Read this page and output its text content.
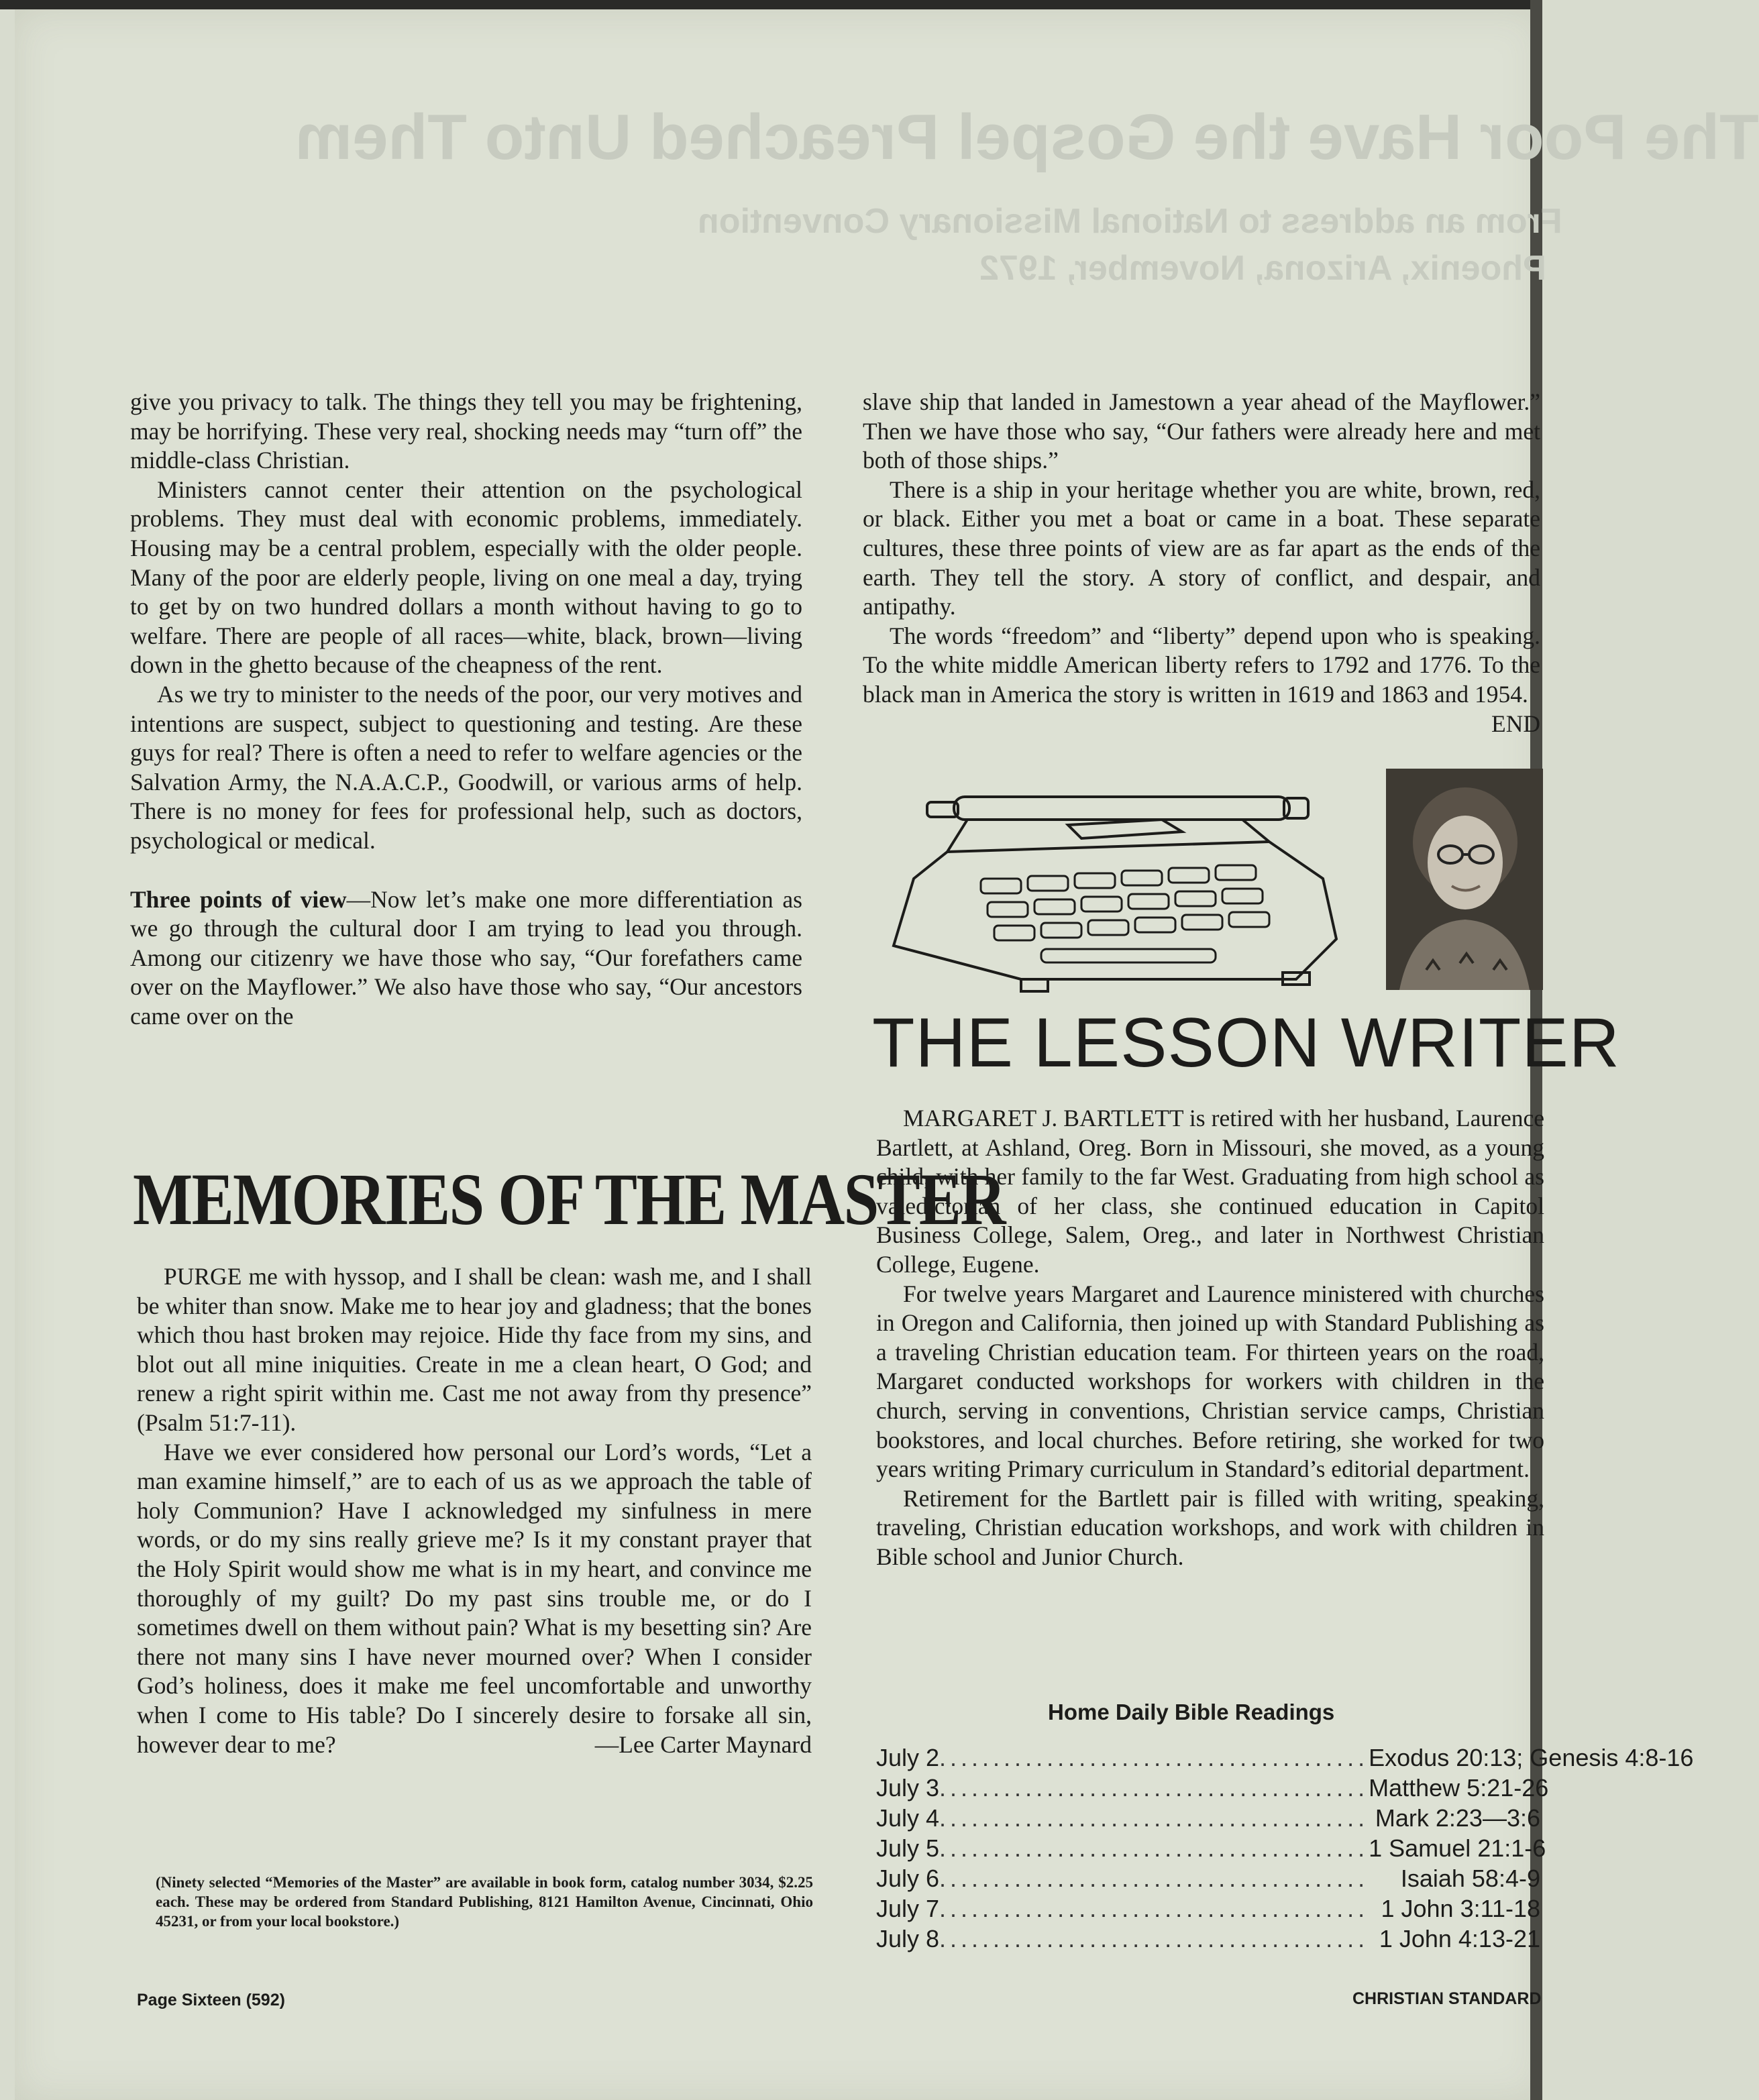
The Poor Have the Gospel Preached Unto Them
From an address to National Missionary Convention
Phoenix, Arizona, November, 1972

give you privacy to talk. The things they tell you may be frightening, may be horrifying. These very real, shocking needs may “turn off” the middle-class Christian.

Ministers cannot center their attention on the psychological problems. They must deal with economic problems, immediately. Housing may be a central problem, especially with the older people. Many of the poor are elderly people, living on one meal a day, trying to get by on two hundred dollars a month without having to go to welfare. There are people of all races—white, black, brown—living down in the ghetto because of the cheapness of the rent.

As we try to minister to the needs of the poor, our very motives and intentions are suspect, subject to questioning and testing. Are these guys for real? There is often a need to refer to welfare agencies or the Salvation Army, the N.A.A.C.P., Goodwill, or various arms of help. There is no money for fees for professional help, such as doctors, psychological or medical.

Three points of view—Now let’s make one more differentiation as we go through the cultural door I am trying to lead you through. Among our citizenry we have those who say, “Our forefathers came over on the Mayflower.” We also have those who say, “Our ancestors came over on the

MEMORIES OF THE MASTER

PURGE me with hyssop, and I shall be clean: wash me, and I shall be whiter than snow. Make me to hear joy and gladness; that the bones which thou hast broken may rejoice. Hide thy face from my sins, and blot out all mine iniquities. Create in me a clean heart, O God; and renew a right spirit within me. Cast me not away from thy presence” (Psalm 51:7-11).

Have we ever considered how personal our Lord’s words, “Let a man examine himself,” are to each of us as we approach the table of holy Communion? Have I acknowledged my sinfulness in mere words, or do my sins really grieve me? Is it my constant prayer that the Holy Spirit would show me what is in my heart, and convince me thoroughly of my guilt? Do my past sins trouble me, or do I sometimes dwell on them without pain? What is my besetting sin? Are there not many sins I have never mourned over? When I consider God’s holiness, does it make me feel uncomfortable and unworthy when I come to His table? Do I sincerely desire to forsake all sin, however dear to me?	—Lee Carter Maynard

(Ninety selected “Memories of the Master” are available in book form, catalog number 3034, $2.25 each. These may be ordered from Standard Publishing, 8121 Hamilton Avenue, Cincinnati, Ohio 45231, or from your local bookstore.)

slave ship that landed in Jamestown a year ahead of the Mayflower.” Then we have those who say, “Our fathers were already here and met both of those ships.”

There is a ship in your heritage whether you are white, brown, red, or black. Either you met a boat or came in a boat. These separate cultures, these three points of view are as far apart as the ends of the earth. They tell the story. A story of conflict, and despair, and antipathy.

The words “freedom” and “liberty” depend upon who is speaking. To the white middle American liberty refers to 1792 and 1776. To the black man in America the story is written in 1619 and 1863 and 1954.
END

THE LESSON WRITER

MARGARET J. BARTLETT is retired with her husband, Laurence Bartlett, at Ashland, Oreg. Born in Missouri, she moved, as a young child, with her family to the far West. Graduating from high school as valedictorian of her class, she continued education in Capitol Business College, Salem, Oreg., and later in Northwest Christian College, Eugene.

For twelve years Margaret and Laurence ministered with churches in Oregon and California, then joined up with Standard Publishing as a traveling Christian education team. For thirteen years on the road, Margaret conducted workshops for workers with children in the church, serving in conventions, Christian service camps, Christian bookstores, and local churches. Before retiring, she worked for two years writing Primary curriculum in Standard’s editorial department.

Retirement for the Bartlett pair is filled with writing, speaking, traveling, Christian education workshops, and work with children in Bible school and Junior Church.

Home Daily Bible Readings
July 2 ........................................ Exodus 20:13; Genesis 4:8-16
July 3 ........................................ Matthew 5:21-26
July 4 ........................................ Mark 2:23—3:6
July 5 ........................................ 1 Samuel 21:1-6
July 6 ........................................	Isaiah 58:4-9
July 7 ........................................ 1 John 3:11-18
July 8 ........................................ 1 John 4:13-21
Page Sixteen (592)	CHRISTIAN STANDARD
